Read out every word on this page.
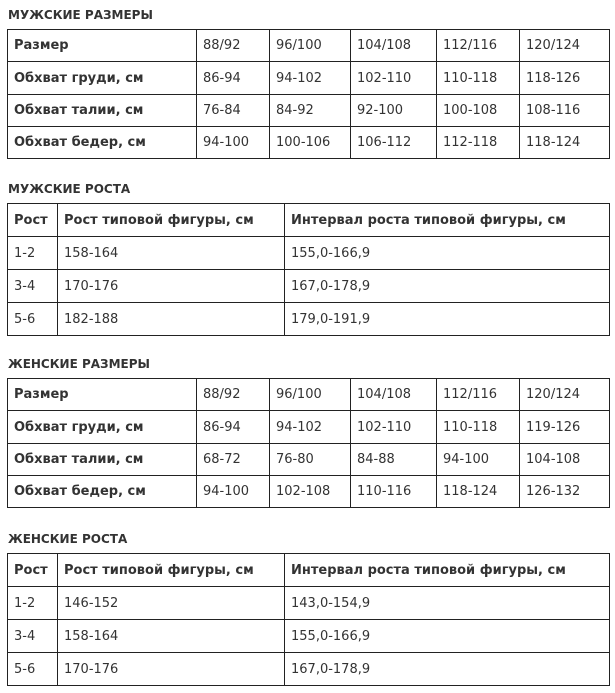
МУЖСКИЕ РАЗМЕРЫ
Размер	88/92	96/100	104/108	112/116	120/124
Обхват груди, см	86-94	94-102	102-110	110-118	118-126
Обхват талии, см	76-84	84-92	92-100	100-108	108-116
Обхват бедер, см	94-100	100-106	106-112	112-118	118-124
МУЖСКИЕ РОСТА
Рост	Рост типовой фигуры, см	Интервал роста типовой фигуры, см
1-2	158-164	155,0-166,9
3-4	170-176	167,0-178,9
5-6	182-188	179,0-191,9
ЖЕНСКИЕ РАЗМЕРЫ
Размер	88/92	96/100	104/108	112/116	120/124
Обхват груди, см	86-94	94-102	102-110	110-118	119-126
Обхват талии, см	68-72	76-80	84-88	94-100	104-108
Обхват бедер, см	94-100	102-108	110-116	118-124	126-132
ЖЕНСКИЕ РОСТА
Рост	Рост типовой фигуры, см	Интервал роста типовой фигуры, см
1-2	146-152	143,0-154,9
3-4	158-164	155,0-166,9
5-6	170-176	167,0-178,9
